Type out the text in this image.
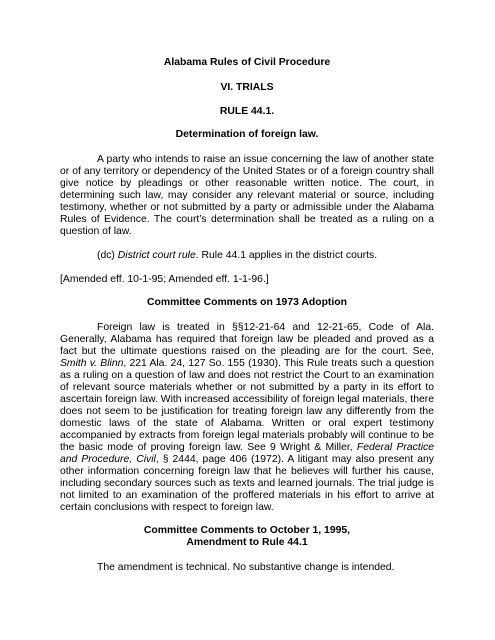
Alabama Rules of Civil Procedure

VI. TRIALS

RULE 44.1.

Determination of foreign law.

A party who intends to raise an issue concerning the law of another state

or of any territory or dependency of the United States or of a foreign country shall

give notice by pleadings or other reasonable written notice. The court, in

determining such law, may consider any relevant material or source, including

testimony, whether or not submitted by a party or admissible under the Alabama

Rules of Evidence. The court’s determination shall be treated as a ruling on a

question of law.

(dc) District court rule. Rule 44.1 applies in the district courts.

[Amended eff. 10-1-95; Amended eff. 1-1-96.]

Committee Comments on 1973 Adoption

Foreign law is treated in §§12-21-64 and 12-21-65, Code of Ala.

Generally, Alabama has required that foreign law be pleaded and proved as a

fact but the ultimate questions raised on the pleading are for the court. See,

Smith v. Blinn, 221 Ala. 24, 127 So. 155 (1930). This Rule treats such a question

as a ruling on a question of law and does not restrict the Court to an examination

of relevant source materials whether or not submitted by a party in its effort to

ascertain foreign law. With increased accessibility of foreign legal materials, there

does not seem to be justification for treating foreign law any differently from the

domestic laws of the state of Alabama. Written or oral expert testimony

accompanied by extracts from foreign legal materials probably will continue to be

the basic mode of proving foreign law. See 9 Wright & Miller, Federal Practice

and Procedure, Civil, § 2444, page 406 (1972). A litigant may also present any

other information concerning foreign law that he believes will further his cause,

including secondary sources such as texts and learned journals. The trial judge is

not limited to an examination of the proffered materials in his effort to arrive at

certain conclusions with respect to foreign law.

Committee Comments to October 1, 1995,

Amendment to Rule 44.1

The amendment is technical. No substantive change is intended.
